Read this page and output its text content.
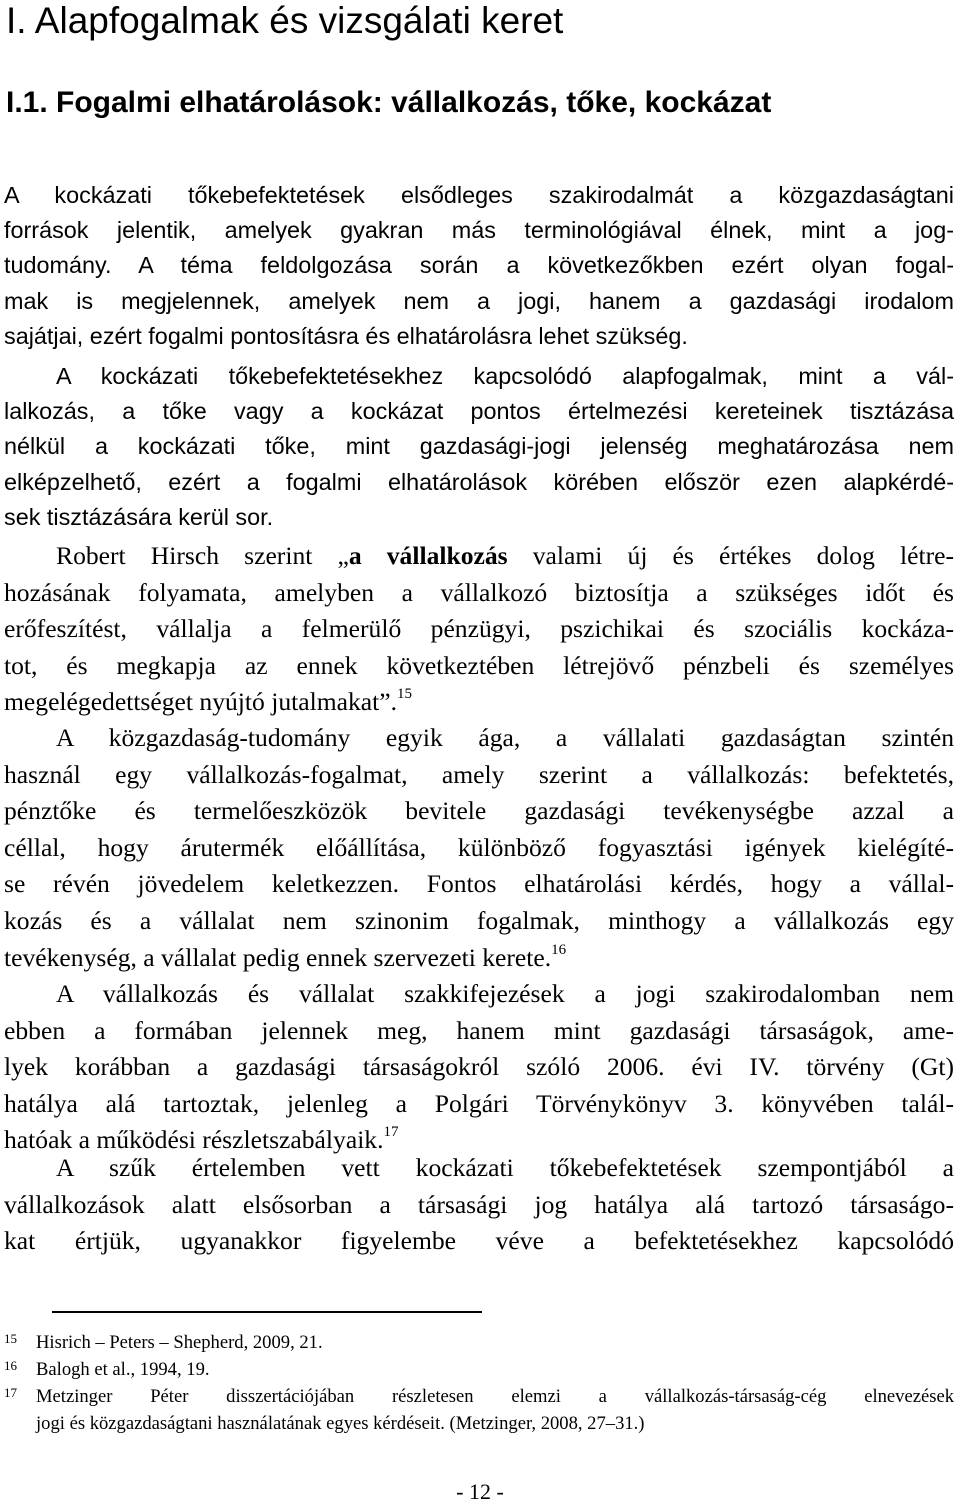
I. Alapfogalmak és vizsgálati keret
I.1. Fogalmi elhatárolások: vállalkozás, tőke, kockázat
A kockázati tőkebefektetések elsődleges szakirodalmát a közgazdaságtani
források jelentik, amelyek gyakran más terminológiával élnek, mint a jog-
tudomány. A téma feldolgozása során a következőkben ezért olyan fogal-
mak is megjelennek, amelyek nem a jogi, hanem a gazdasági irodalom
sajátjai, ezért fogalmi pontosításra és elhatárolásra lehet szükség.
A kockázati tőkebefektetésekhez kapcsolódó alapfogalmak, mint a vál-
lalkozás, a tőke vagy a kockázat pontos értelmezési kereteinek tisztázása
nélkül a kockázati tőke, mint gazdasági-jogi jelenség meghatározása nem
elképzelhető, ezért a fogalmi elhatárolások körében először ezen alapkérdé-
sek tisztázására kerül sor.
Robert Hirsch szerint „a vállalkozás valami új és értékes dolog létre-
hozásának folyamata, amelyben a vállalkozó biztosítja a szükséges időt és
erőfeszítést, vállalja a felmerülő pénzügyi, pszichikai és szociális kockáza-
tot, és megkapja az ennek következtében létrejövő pénzbeli és személyes
megelégedettséget nyújtó jutalmakat”.$^{15}$
A közgazdaság-tudomány egyik ága, a vállalati gazdaságtan szintén
használ egy vállalkozás-fogalmat, amely szerint a vállalkozás: befektetés,
pénztőke és termelőeszközök bevitele gazdasági tevékenységbe azzal a
céllal, hogy árutermék előállítása, különböző fogyasztási igények kielégíté-
se révén jövedelem keletkezzen. Fontos elhatárolási kérdés, hogy a vállal-
kozás és a vállalat nem szinonim fogalmak, minthogy a vállalkozás egy
tevékenység, a vállalat pedig ennek szervezeti kerete.$^{16}$
A vállalkozás és vállalat szakkifejezések a jogi szakirodalomban nem
ebben a formában jelennek meg, hanem mint gazdasági társaságok, ame-
lyek korábban a gazdasági társaságokról szóló 2006. évi IV. törvény (Gt)
hatálya alá tartoztak, jelenleg a Polgári Törvénykönyv 3. könyvében talál-
hatóak a működési részletszabályaik.$^{17}$
A szűk értelemben vett kockázati tőkebefektetések szempontjából a
vállalkozások alatt elsősorban a társasági jog hatálya alá tartozó társaságo-
kat értjük, ugyanakkor figyelembe véve a befektetésekhez kapcsolódó
15	Hisrich – Peters – Shepherd, 2009, 21.
16	Balogh et al., 1994, 19.
17 Metzinger Péter disszertációjában részletesen elemzi a vállalkozás-társaság-cég elnevezések
jogi és közgazdaságtani használatának egyes kérdéseit. (Metzinger, 2008, 27–31.)
- 12 -
